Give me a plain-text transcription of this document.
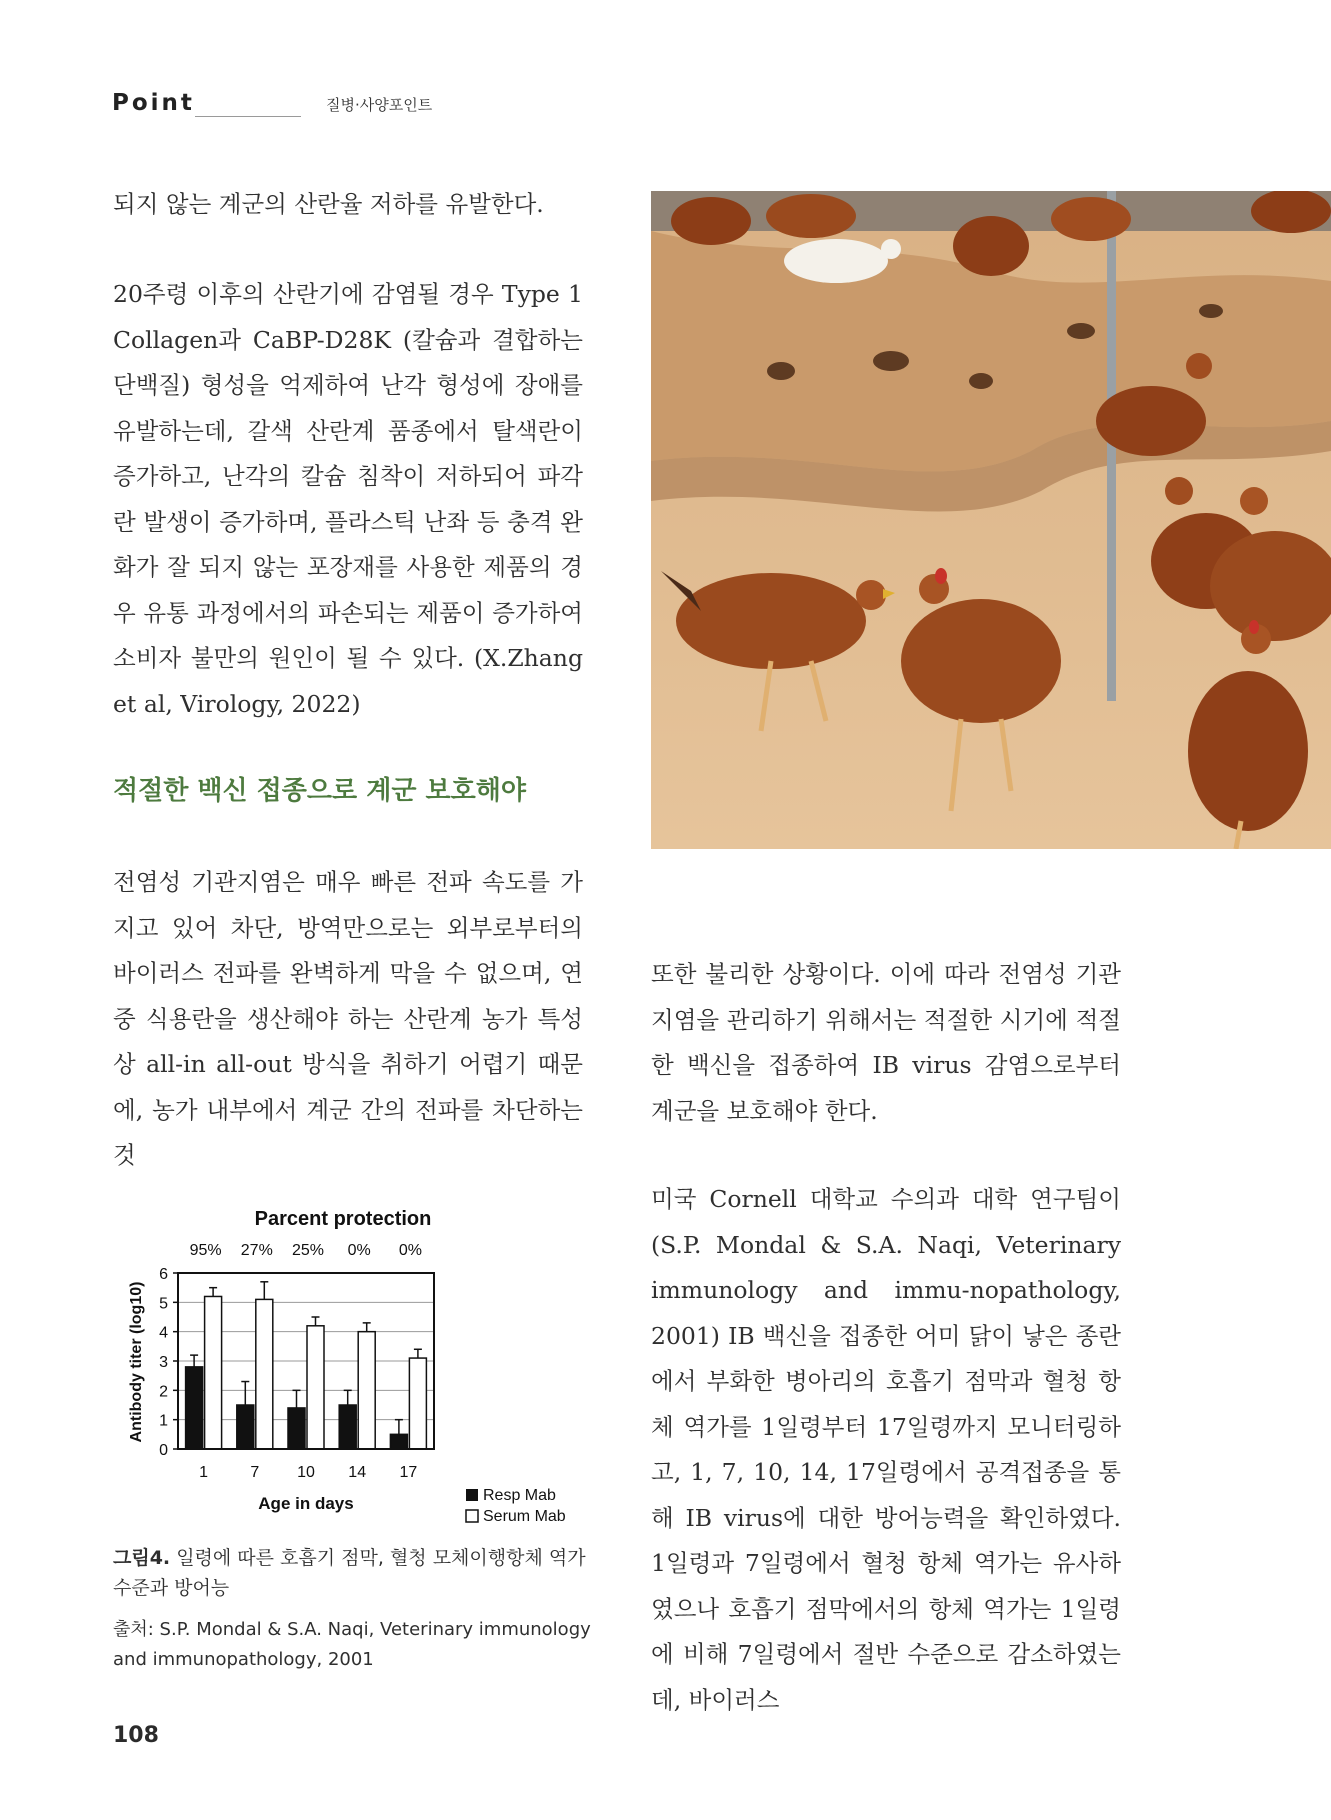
Point	질병·사양포인트

되지 않는 계군의 산란율 저하를 유발한다.

20주령 이후의 산란기에 감염될 경우 Type 1 Collagen과 CaBP-D28K (칼슘과 결합하는 단백질) 형성을 억제하여 난각 형성에 장애를 유발하는데, 갈색 산란계 품종에서 탈색란이 증가하고, 난각의 칼슘 침착이 저하되어 파각란 발생이 증가하며, 플라스틱 난좌 등 충격 완화가 잘 되지 않는 포장재를 사용한 제품의 경우 유통 과정에서의 파손되는 제품이 증가하여 소비자 불만의 원인이 될 수 있다. (X.Zhang et al, Virology, 2022)

적절한 백신 접종으로 계군 보호해야

전염성 기관지염은 매우 빠른 전파 속도를 가지고 있어 차단, 방역만으로는 외부로부터의 바이러스 전파를 완벽하게 막을 수 없으며, 연중 식용란을 생산해야 하는 산란계 농가 특성상 all-in all-out 방식을 취하기 어렵기 때문에, 농가 내부에서 계군 간의 전파를 차단하는 것

또한 불리한 상황이다. 이에 따라 전염성 기관지염을 관리하기 위해서는 적절한 시기에 적절한 백신을 접종하여 IB virus 감염으로부터 계군을 보호해야 한다.

미국 Cornell 대학교 수의과 대학 연구팀이 (S.P. Mondal & S.A. Naqi, Veterinary immunology and immu-nopathology, 2001) IB 백신을 접종한 어미 닭이 낳은 종란에서 부화한 병아리의 호흡기 점막과 혈청 항체 역가를 1일령부터 17일령까지 모니터링하고, 1, 7, 10, 14, 17일령에서 공격접종을 통해 IB virus에 대한 방어능력을 확인하였다. 1일령과 7일령에서 혈청 항체 역가는 유사하였으나 호흡기 점막에서의 항체 역가는 1일령에 비해 7일령에서 절반 수준으로 감소하였는데, 바이러스

Parcent protection
Antibody titer (log10)
Age in days
0
1
2
3
4
5
6
1
95%
7
27%
10
25%
14
0%
17
0%
Resp Mab
Serum Mab
그림4. 일령에 따른 호흡기 점막, 혈청 모체이행항체 역가 수준과 방어능
출처: S.P. Mondal & S.A. Naqi, Veterinary immunology and immunopathology, 2001
108
